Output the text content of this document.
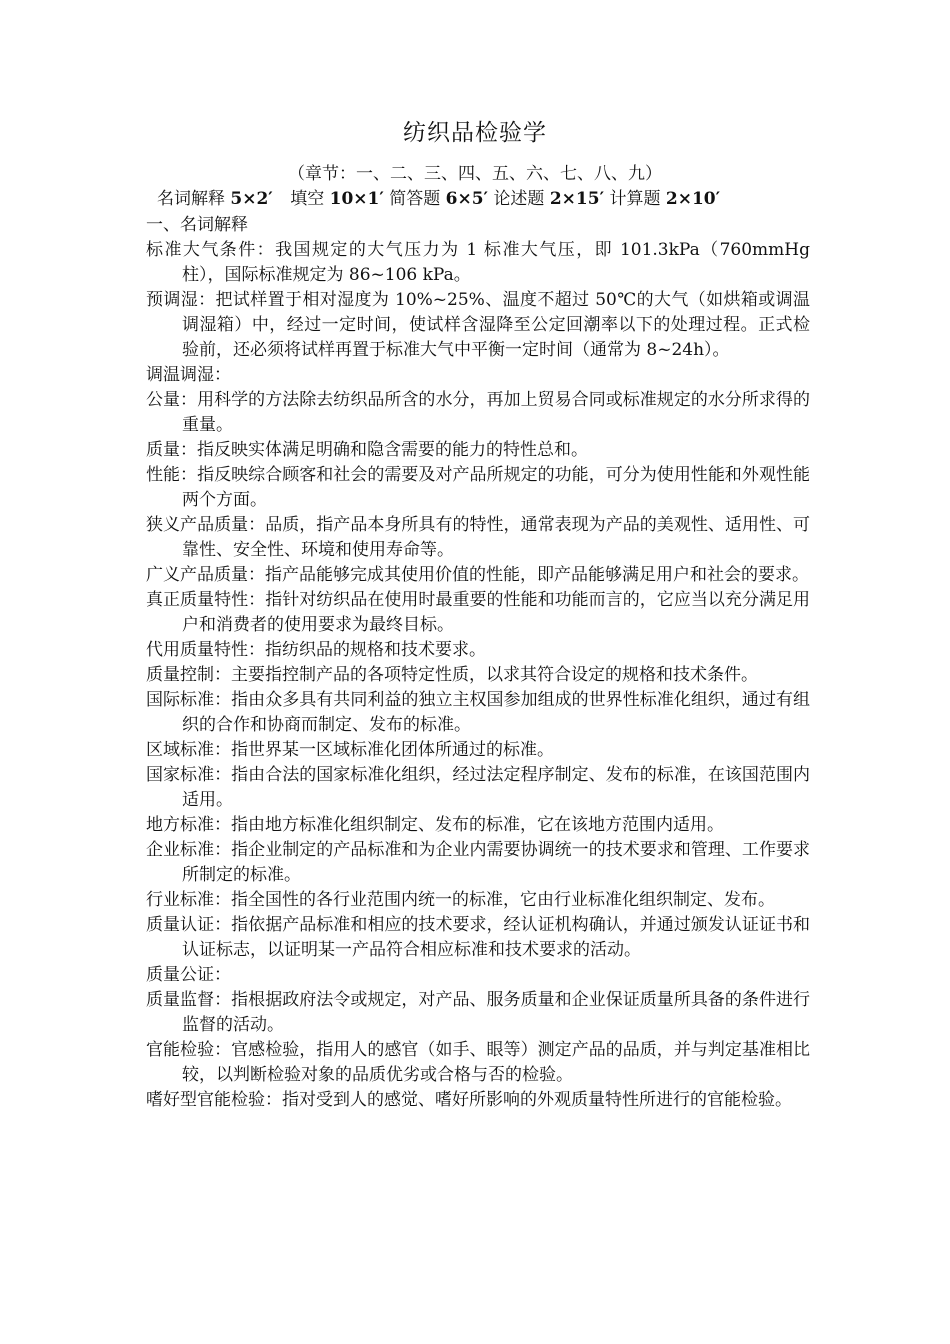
纺织品检验学
（章节：一、二、三、四、五、六、七、八、九）
名词解释 5×2′ 填空 10×1′ 简答题 6×5′ 论述题 2×15′ 计算题 2×10′
一、名词解释
标准大气条件：我国规定的大气压力为 1 标准大气压，即 101.3kPa（760mmHg 柱），国际标准规定为 86~106 kPa。
预调湿：把试样置于相对湿度为 10%~25%、温度不超过 50℃的大气（如烘箱或调温调湿箱）中，经过一定时间，使试样含湿降至公定回潮率以下的处理过程。正式检验前，还必须将试样再置于标准大气中平衡一定时间（通常为 8~24h）。
调温调湿：
公量：用科学的方法除去纺织品所含的水分，再加上贸易合同或标准规定的水分所求得的重量。
质量：指反映实体满足明确和隐含需要的能力的特性总和。
性能：指反映综合顾客和社会的需要及对产品所规定的功能，可分为使用性能和外观性能两个方面。
狭义产品质量：品质，指产品本身所具有的特性，通常表现为产品的美观性、适用性、可靠性、安全性、环境和使用寿命等。
广义产品质量：指产品能够完成其使用价值的性能，即产品能够满足用户和社会的要求。
真正质量特性：指针对纺织品在使用时最重要的性能和功能而言的，它应当以充分满足用户和消费者的使用要求为最终目标。
代用质量特性：指纺织品的规格和技术要求。
质量控制：主要指控制产品的各项特定性质，以求其符合设定的规格和技术条件。
国际标准：指由众多具有共同利益的独立主权国参加组成的世界性标准化组织，通过有组织的合作和协商而制定、发布的标准。
区域标准：指世界某一区域标准化团体所通过的标准。
国家标准：指由合法的国家标准化组织，经过法定程序制定、发布的标准，在该国范围内适用。
地方标准：指由地方标准化组织制定、发布的标准，它在该地方范围内适用。
企业标准：指企业制定的产品标准和为企业内需要协调统一的技术要求和管理、工作要求所制定的标准。
行业标准：指全国性的各行业范围内统一的标准，它由行业标准化组织制定、发布。
质量认证：指依据产品标准和相应的技术要求，经认证机构确认，并通过颁发认证证书和认证标志，以证明某一产品符合相应标准和技术要求的活动。
质量公证：
质量监督：指根据政府法令或规定，对产品、服务质量和企业保证质量所具备的条件进行监督的活动。
官能检验：官感检验，指用人的感官（如手、眼等）测定产品的品质，并与判定基准相比较，以判断检验对象的品质优劣或合格与否的检验。
嗜好型官能检验：指对受到人的感觉、嗜好所影响的外观质量特性所进行的官能检验。
